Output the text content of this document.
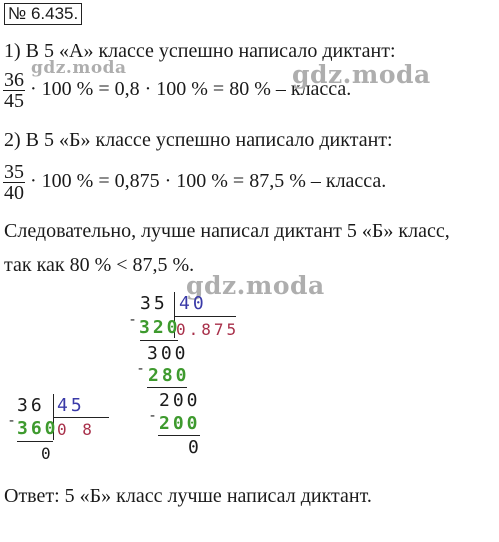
№ 6.435.
1) В 5 «А» классе успешно написало диктант:
$\frac{36}{45} \cdot 100$ % = 0,8 · 100 % = 80 % – класса.
2) В 5 «Б» классе успешно написало диктант:
$\frac{35}{40} \cdot 100$ % = 0,875 · 100 % = 87,5 % – класса.
Следовательно, лучше написал диктант 5 «Б» класс,
так как 80 % < 87,5 %.
gdz.moda	gdz.moda
gdz.moda
35 40
- 320
0.875
300
- 280
200
- 200
0
36 45
- 360
0 8
0
Ответ: 5 «Б» класс лучше написал диктант.
